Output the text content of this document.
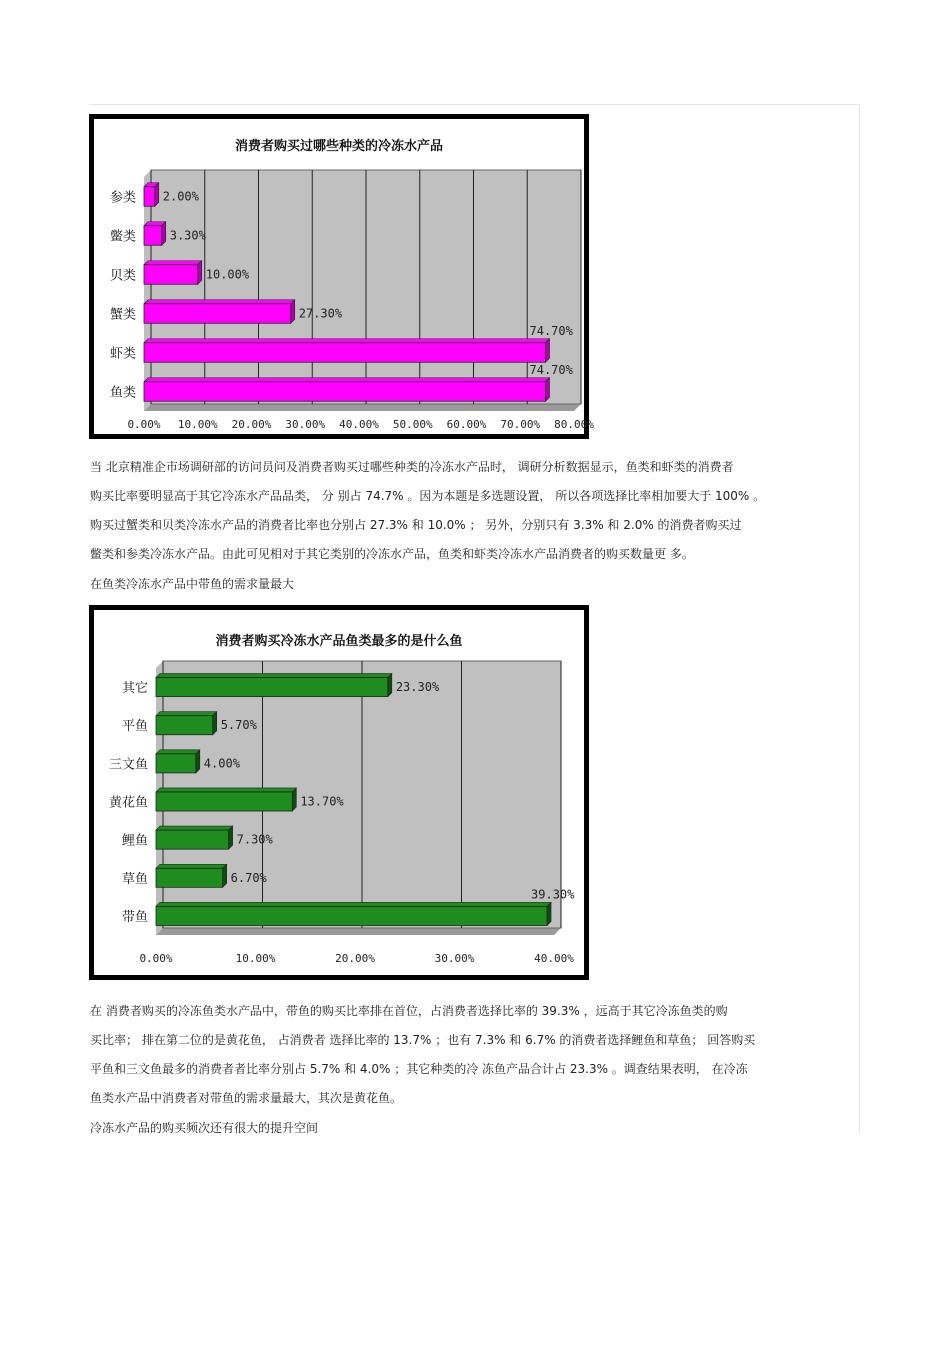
消费者购买过哪些种类的冷冻水产品
0.00% 10.00% 20.00% 30.00% 40.00% 50.00% 60.00% 70.00% 80.00%
参类 2.00%
鳖类	3.30%
贝类	10.00%
蟹类	27.30%
虾类
74.70%
鱼类
74.70%
当 北京精准企市场调研部的访问员问及消费者购买过哪些种类的冷冻水产品时， 调研分析数据显示，鱼类和虾类的消费者
购买比率要明显高于其它冷冻水产品品类， 分 别占 74.7% 。因为本题是多选题设置， 所以各项选择比率相加要大于 100% 。
购买过蟹类和贝类冷冻水产品的消费者比率也分别占 27.3% 和 10.0% ； 另外，分别只有 3.3% 和 2.0% 的消费者购买过
鳖类和参类冷冻水产品。由此可见相对于其它类别的冷冻水产品，鱼类和虾类冷冻水产品消费者的购买数量更 多。
在鱼类冷冻水产品中带鱼的需求量最大
消费者购买冷冻水产品鱼类最多的是什么鱼
0.00%	10.00%	20.00%	30.00%	40.00%
其它	23.30%
平鱼	5.70%
三文鱼	4.00%
黄花鱼	13.70%
鲤鱼	7.30%
草鱼	6.70%
带鱼
39.30%
在 消费者购买的冷冻鱼类水产品中，带鱼的购买比率排在首位，占消费者选择比率的 39.3% ，远高于其它冷冻鱼类的购
买比率； 排在第二位的是黄花鱼， 占消费者 选择比率的 13.7% ；也有 7.3% 和 6.7% 的消费者选择鲤鱼和草鱼； 回答购买
平鱼和三文鱼最多的消费者者比率分别占 5.7% 和 4.0% ；其它种类的冷 冻鱼产品合计占 23.3% 。调查结果表明， 在冷冻
鱼类水产品中消费者对带鱼的需求量最大，其次是黄花鱼。
冷冻水产品的购买频次还有很大的提升空间
